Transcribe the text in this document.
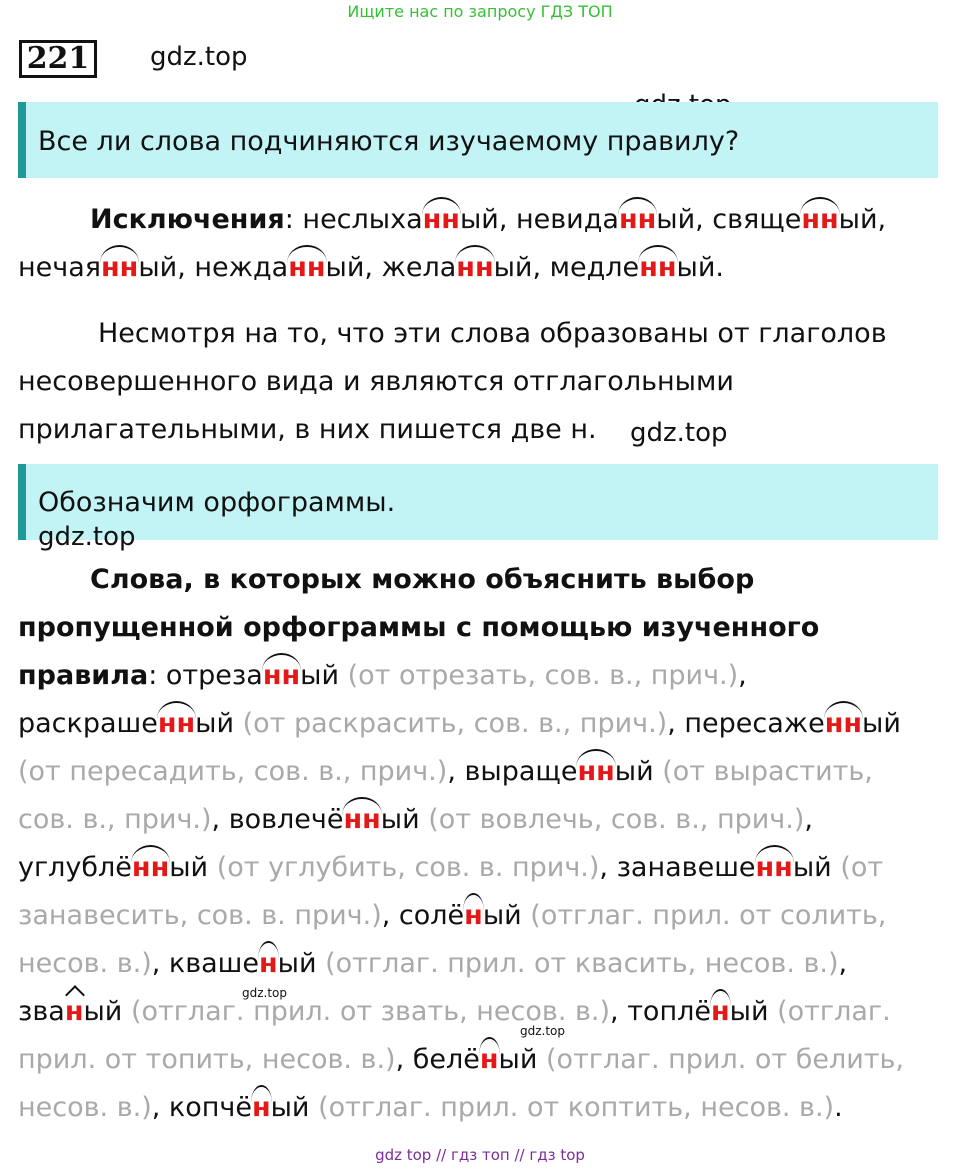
Ищите нас по запросу ГДЗ ТОП
221 gdz.top
Все ли слова подчиняются изучаемому правилу?
Исключения: неслыханный, невиданный, священный,
нечаянный, нежданный, желанный, медленный.
Несмотря на то, что эти слова образованы от глаголов
несовершенного вида и являются отглагольными
прилагательными, в них пишется две н.	gdz.top
Обозначим орфограммы.
gdz.top
Слова, в которых можно объяснить выбор
пропущенной орфограммы с помощью изученного
правила: отрезанный (от отрезать, сов. в., прич.),
раскрашенный (от раскрасить, сов. в., прич.), пересаженный
(от пересадить, сов. в., прич.), выращенный (от вырастить,
сов. в., прич.), вовлечённый (от вовлечь, сов. в., прич.),
углублённый (от углубить, сов. в. прич.), занавешенный (от
занавесить, сов. в. прич.), солёный (отглаг. прил. от солить,
несов. в.), квашеный (отглаг. прил. от квасить, несов. в.),
званый (отглаг. прил. от звать, несов. в.), топлёный (отглаг.
прил. от топить, несов. в.), белёный (отглаг. прил. от белить,
несов. в.), копчёный (отглаг. прил. от коптить, несов. в.).
gdz.top
gdz.top
gdz top // гдз топ // гдз top
